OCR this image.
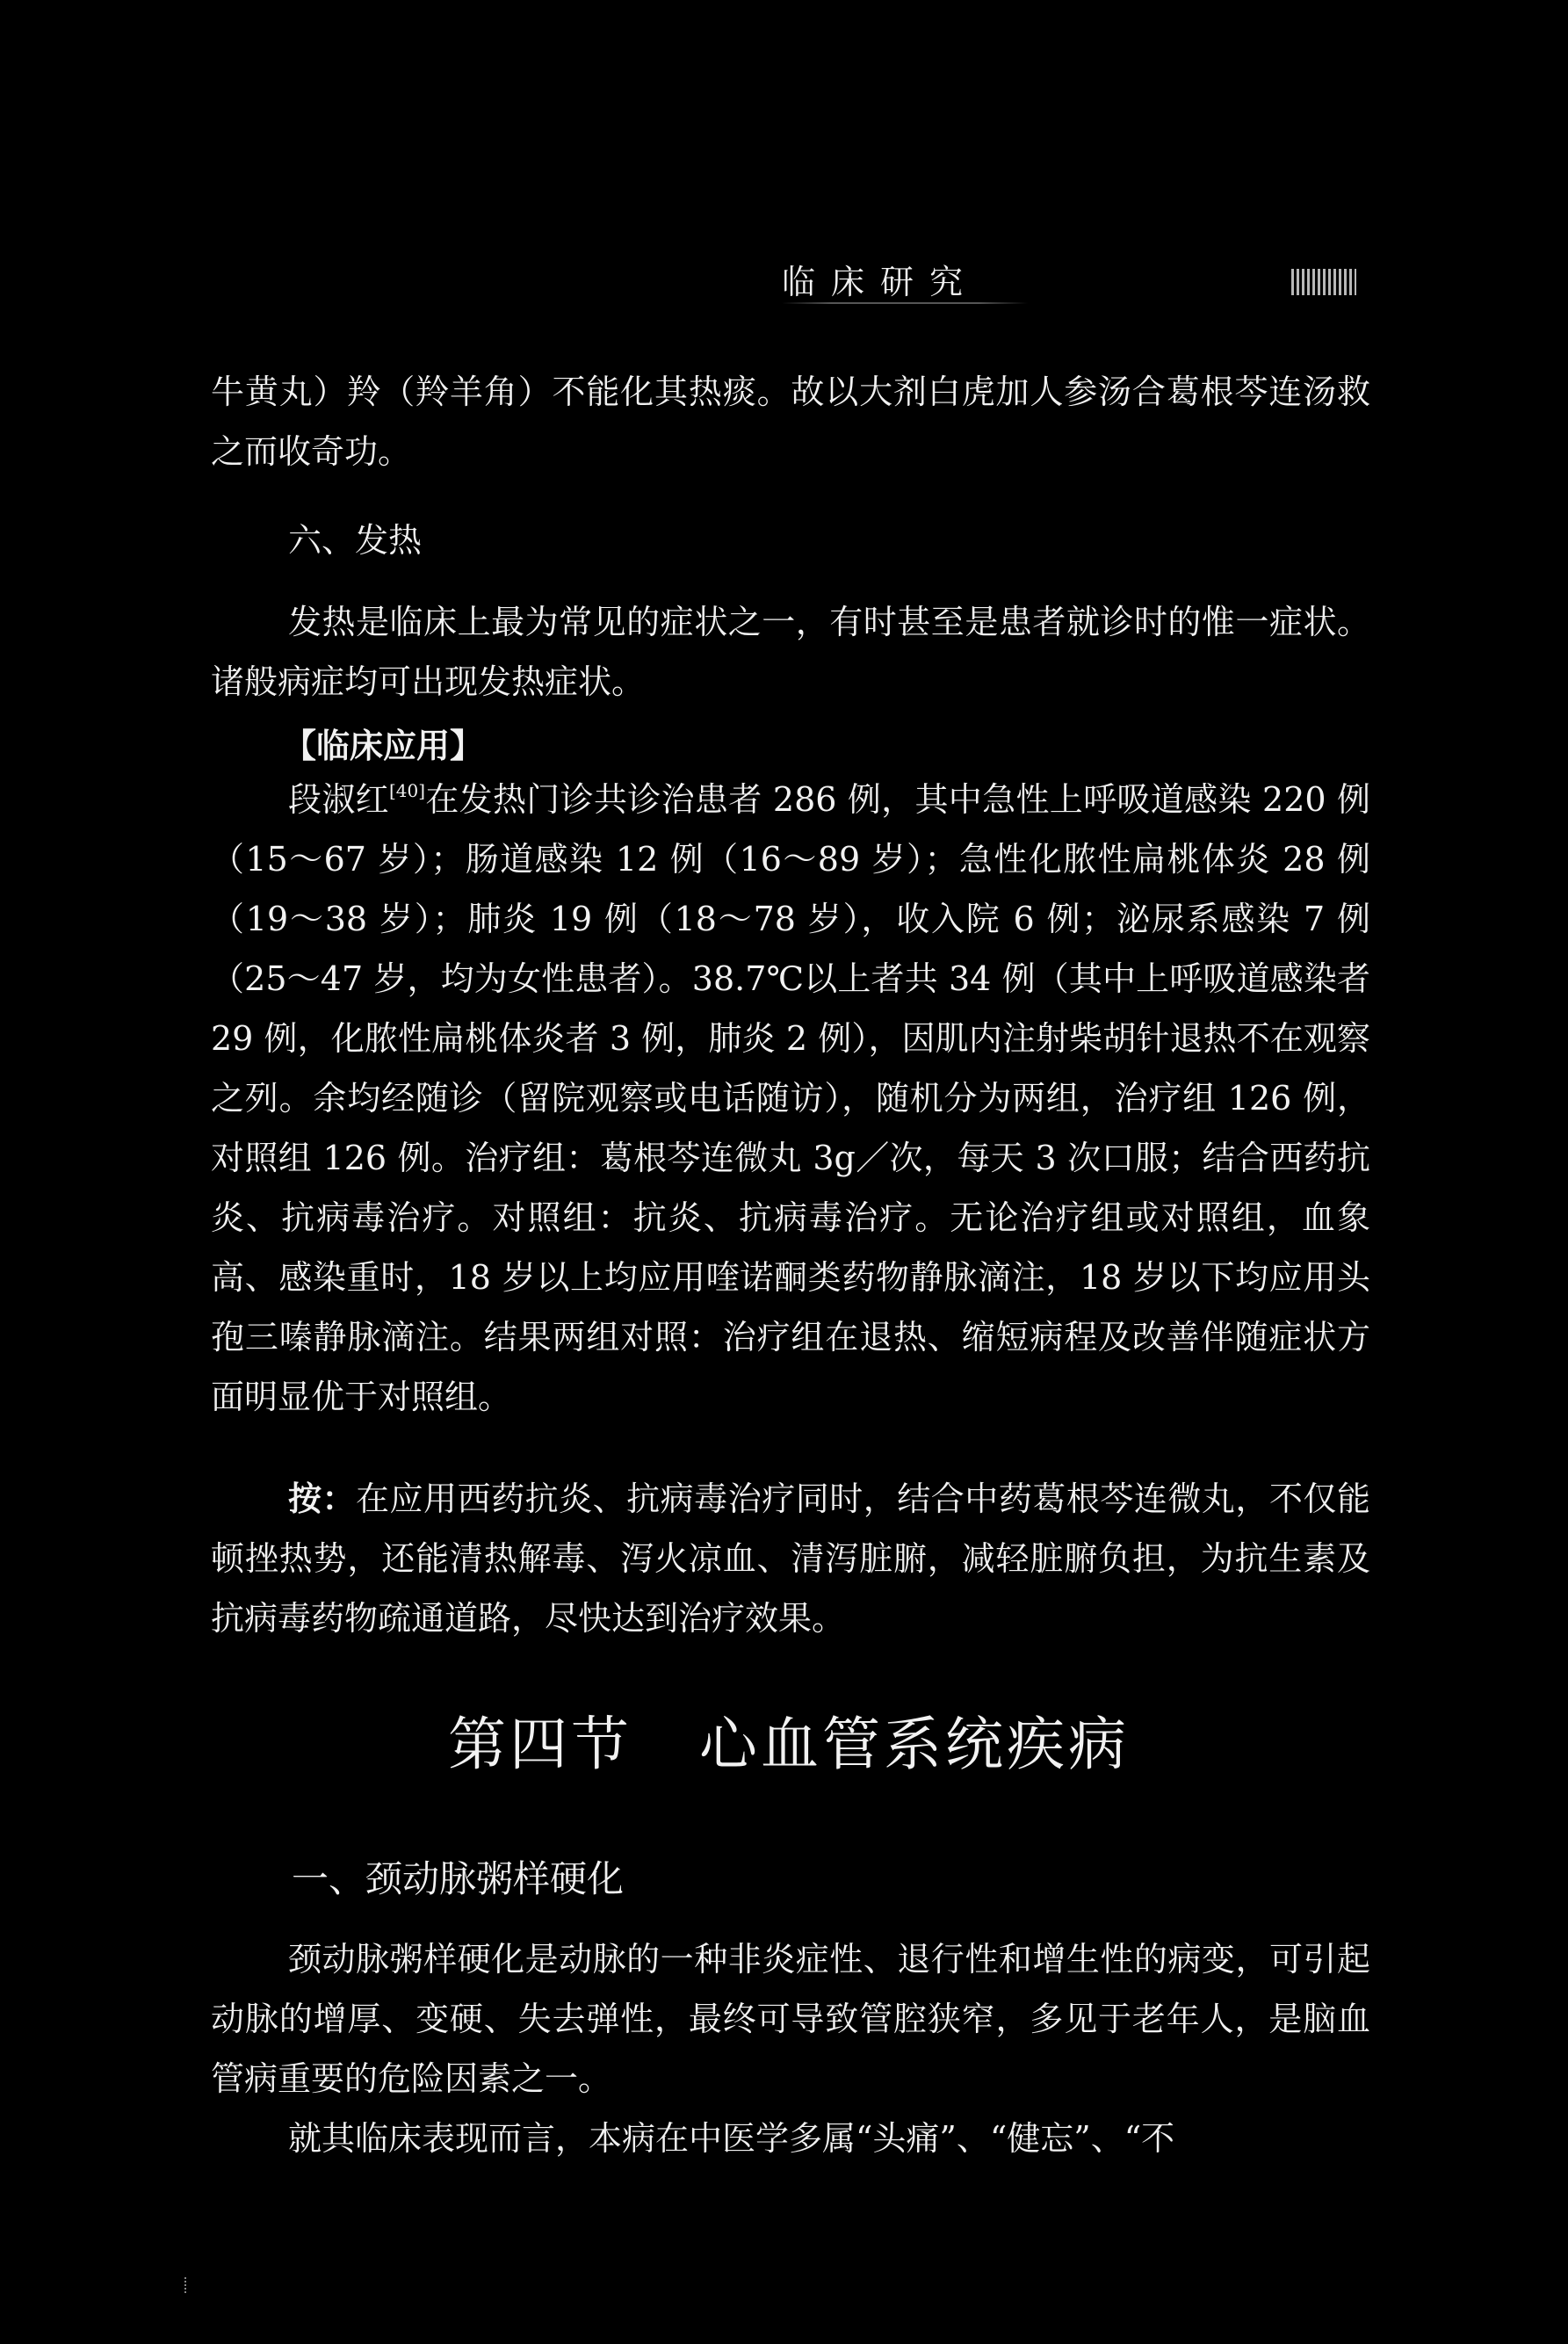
临床研究

牛黄丸）羚（羚羊角）不能化其热痰。故以大剂白虎加人参汤合葛根芩连汤救之而收奇功。

六、发热

发热是临床上最为常见的症状之一，有时甚至是患者就诊时的惟一症状。诸般病症均可出现发热症状。

【临床应用】

段淑红[40]在发热门诊共诊治患者 286 例，其中急性上呼吸道感染 220 例（15～67 岁）；肠道感染 12 例（16～89 岁）；急性化脓性扁桃体炎 28 例（19～38 岁）；肺炎 19 例（18～78 岁），收入院 6 例；泌尿系感染 7 例（25～47 岁，均为女性患者）。38.7℃以上者共 34 例（其中上呼吸道感染者 29 例，化脓性扁桃体炎者 3 例，肺炎 2 例），因肌内注射柴胡针退热不在观察之列。余均经随诊（留院观察或电话随访），随机分为两组，治疗组 126 例，对照组 126 例。治疗组：葛根芩连微丸 3g／次，每天 3 次口服；结合西药抗炎、抗病毒治疗。对照组：抗炎、抗病毒治疗。无论治疗组或对照组，血象高、感染重时，18 岁以上均应用喹诺酮类药物静脉滴注，18 岁以下均应用头孢三嗪静脉滴注。结果两组对照：治疗组在退热、缩短病程及改善伴随症状方面明显优于对照组。

按：在应用西药抗炎、抗病毒治疗同时，结合中药葛根芩连微丸，不仅能顿挫热势，还能清热解毒、泻火凉血、清泻脏腑，减轻脏腑负担，为抗生素及抗病毒药物疏通道路，尽快达到治疗效果。

第四节 心血管系统疾病

一、颈动脉粥样硬化

颈动脉粥样硬化是动脉的一种非炎症性、退行性和增生性的病变，可引起动脉的增厚、变硬、失去弹性，最终可导致管腔狭窄，多见于老年人，是脑血管病重要的危险因素之一。

就其临床表现而言，本病在中医学多属“头痛”、“健忘”、“不
